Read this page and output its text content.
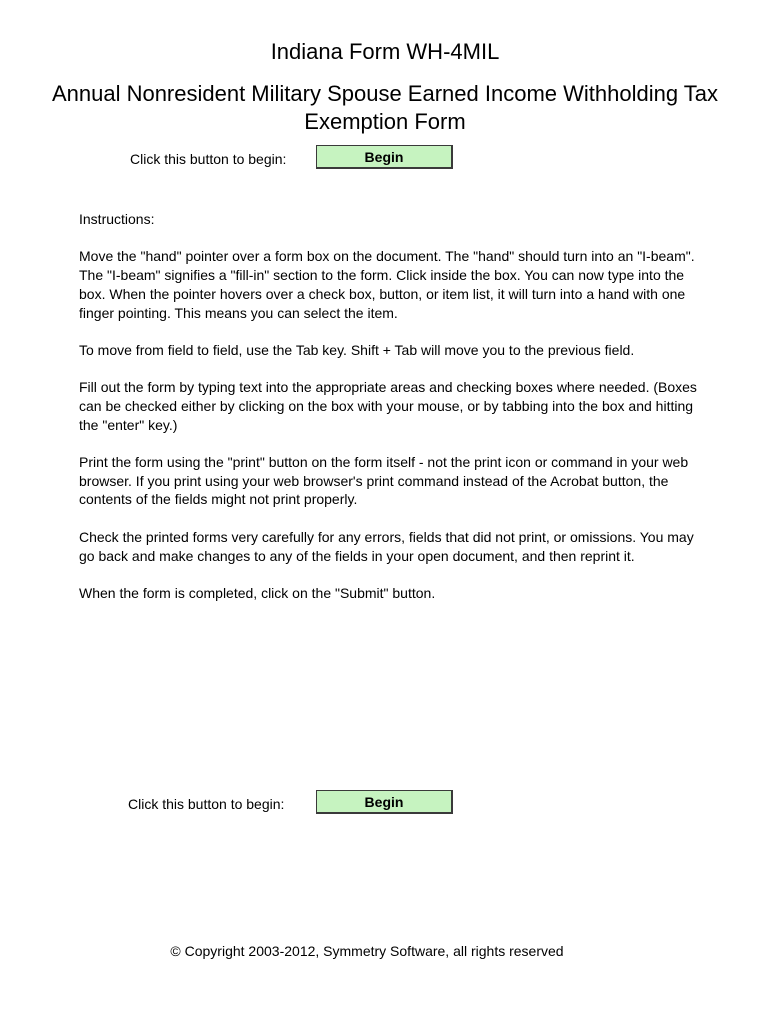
Indiana Form WH-4MIL
Annual Nonresident Military Spouse Earned Income Withholding Tax Exemption Form
Click this button to begin:	Begin

Instructions:

Move the "hand" pointer over a form box on the document. The "hand" should turn into an "I-beam". The "I-beam" signifies a "fill-in" section to the form. Click inside the box. You can now type into the box. When the pointer hovers over a check box, button, or item list, it will turn into a hand with one finger pointing. This means you can select the item.

To move from field to field, use the Tab key. Shift + Tab will move you to the previous field.

Fill out the form by typing text into the appropriate areas and checking boxes where needed. (Boxes can be checked either by clicking on the box with your mouse, or by tabbing into the box and hitting the "enter" key.)

Print the form using the "print" button on the form itself - not the print icon or command in your web browser. If you print using your web browser's print command instead of the Acrobat button, the contents of the fields might not print properly.

Check the printed forms very carefully for any errors, fields that did not print, or omissions. You may go back and make changes to any of the fields in your open document, and then reprint it.

When the form is completed, click on the "Submit" button.

Click this button to begin:	Begin
© Copyright 2003-2012, Symmetry Software, all rights reserved
